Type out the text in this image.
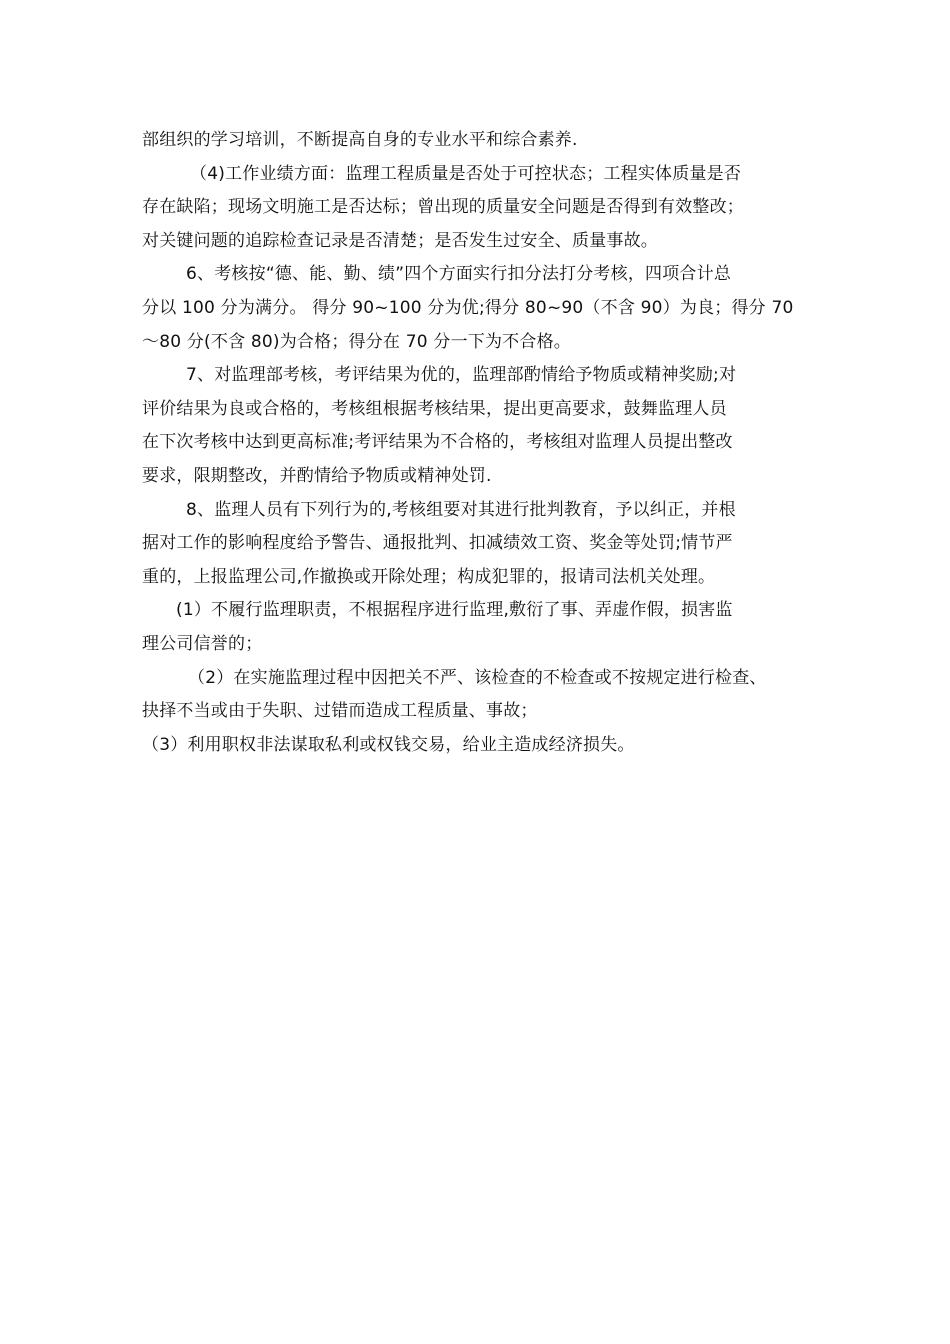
部组织的学习培训，不断提高自身的专业水平和综合素养.
（4)工作业绩方面：监理工程质量是否处于可控状态；工程实体质量是否
存在缺陷；现场文明施工是否达标；曾出现的质量安全问题是否得到有效整改；
对关键问题的追踪检查记录是否清楚；是否发生过安全、质量事故。
6、考核按“德、能、勤、绩”四个方面实行扣分法打分考核，四项合计总
分以 100 分为满分。 得分 90~100 分为优;得分 80~90（不含 90）为良；得分 70
～80 分(不含 80)为合格；得分在 70 分一下为不合格。
7、对监理部考核，考评结果为优的，监理部酌情给予物质或精神奖励;对
评价结果为良或合格的，考核组根据考核结果，提出更高要求，鼓舞监理人员
在下次考核中达到更高标准;考评结果为不合格的，考核组对监理人员提出整改
要求，限期整改，并酌情给予物质或精神处罚.
8、监理人员有下列行为的,考核组要对其进行批判教育，予以纠正，并根
据对工作的影响程度给予警告、通报批判、扣减绩效工资、奖金等处罚;情节严
重的，上报监理公司,作撤换或开除处理；构成犯罪的，报请司法机关处理。
(1）不履行监理职责，不根据程序进行监理,敷衍了事、弄虚作假，损害监
理公司信誉的；
（2）在实施监理过程中因把关不严、该检查的不检查或不按规定进行检查、
抉择不当或由于失职、过错而造成工程质量、事故；
（3）利用职权非法谋取私利或权钱交易，给业主造成经济损失。
